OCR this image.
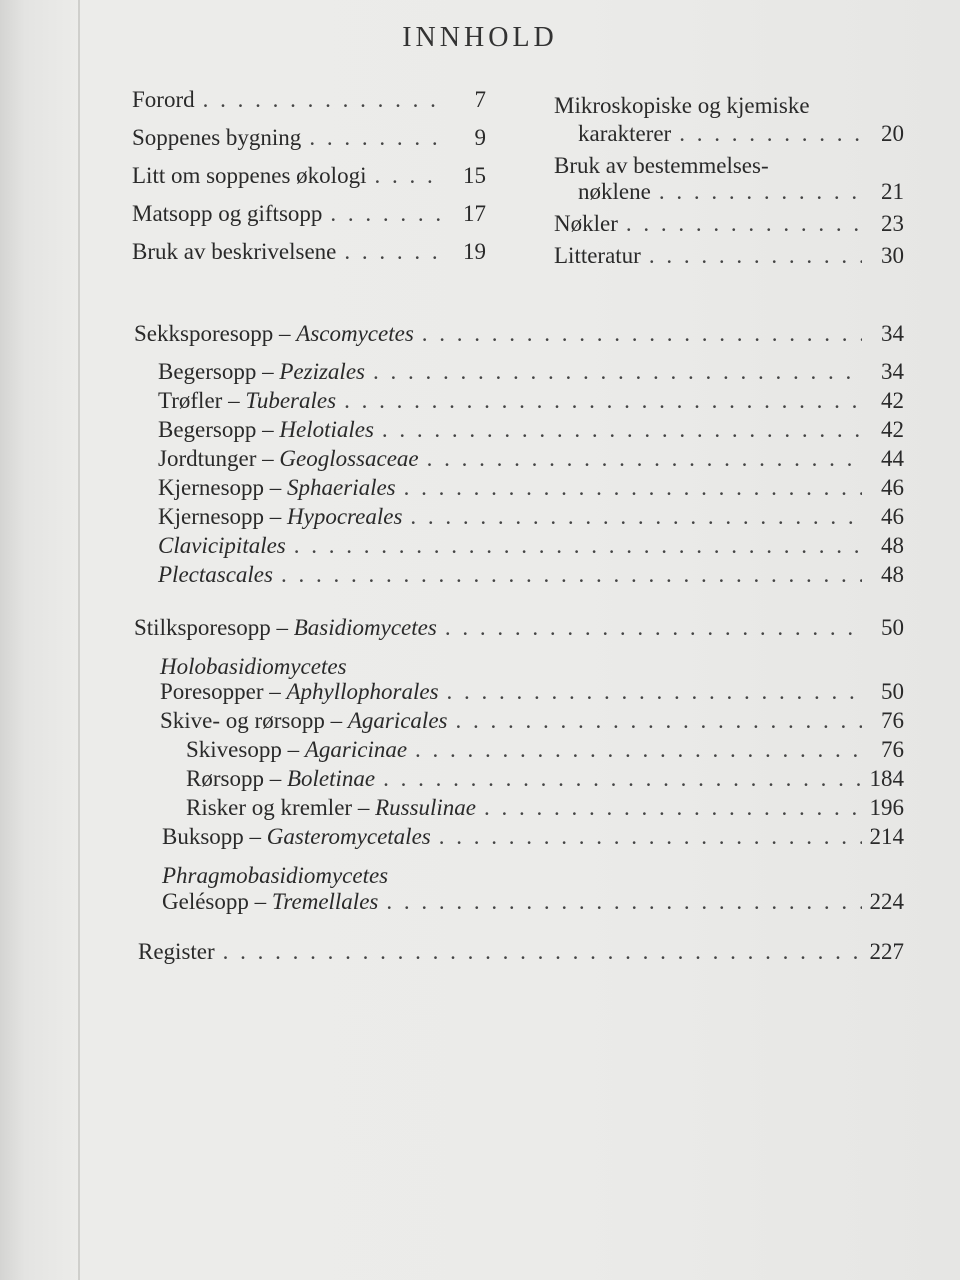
INNHOLD
Forord . . .	7
Soppenes bygning . . .	9
Litt om soppenes økologi . . .	15
Matsopp og giftsopp . . .	17
Bruk av beskrivelsene . . .	19
Mikroskopiske og kjemiske
karakterer . . .	20
Bruk av bestemmelses-
nøklene . . .	21
Nøkler . . .	23
Litteratur . . .	30
Sekksporesopp – Ascomycetes . . .	34
Begersopp – Pezizales . . .	34
Trøfler – Tuberales . . .	42
Begersopp – Helotiales . . .	42
Jordtunger – Geoglossaceae . . .	44
Kjernesopp – Sphaeriales . . .	46
Kjernesopp – Hypocreales . . .	46
Clavicipitales . . .	48
Plectascales . . .	48
Stilksporesopp – Basidiomycetes . . .	50
Holobasidiomycetes
Poresopper – Aphyllophorales . . .	50
Skive- og rørsopp – Agaricales . . .	76
Skivesopp – Agaricinae . . .	76
Rørsopp – Boletinae . . .	184
Risker og kremler – Russulinae . . .	196
Buksopp – Gasteromycetales . . .	214
Phragmobasidiomycetes
Gelésopp – Tremellales . . .	224
Register . . .	227
